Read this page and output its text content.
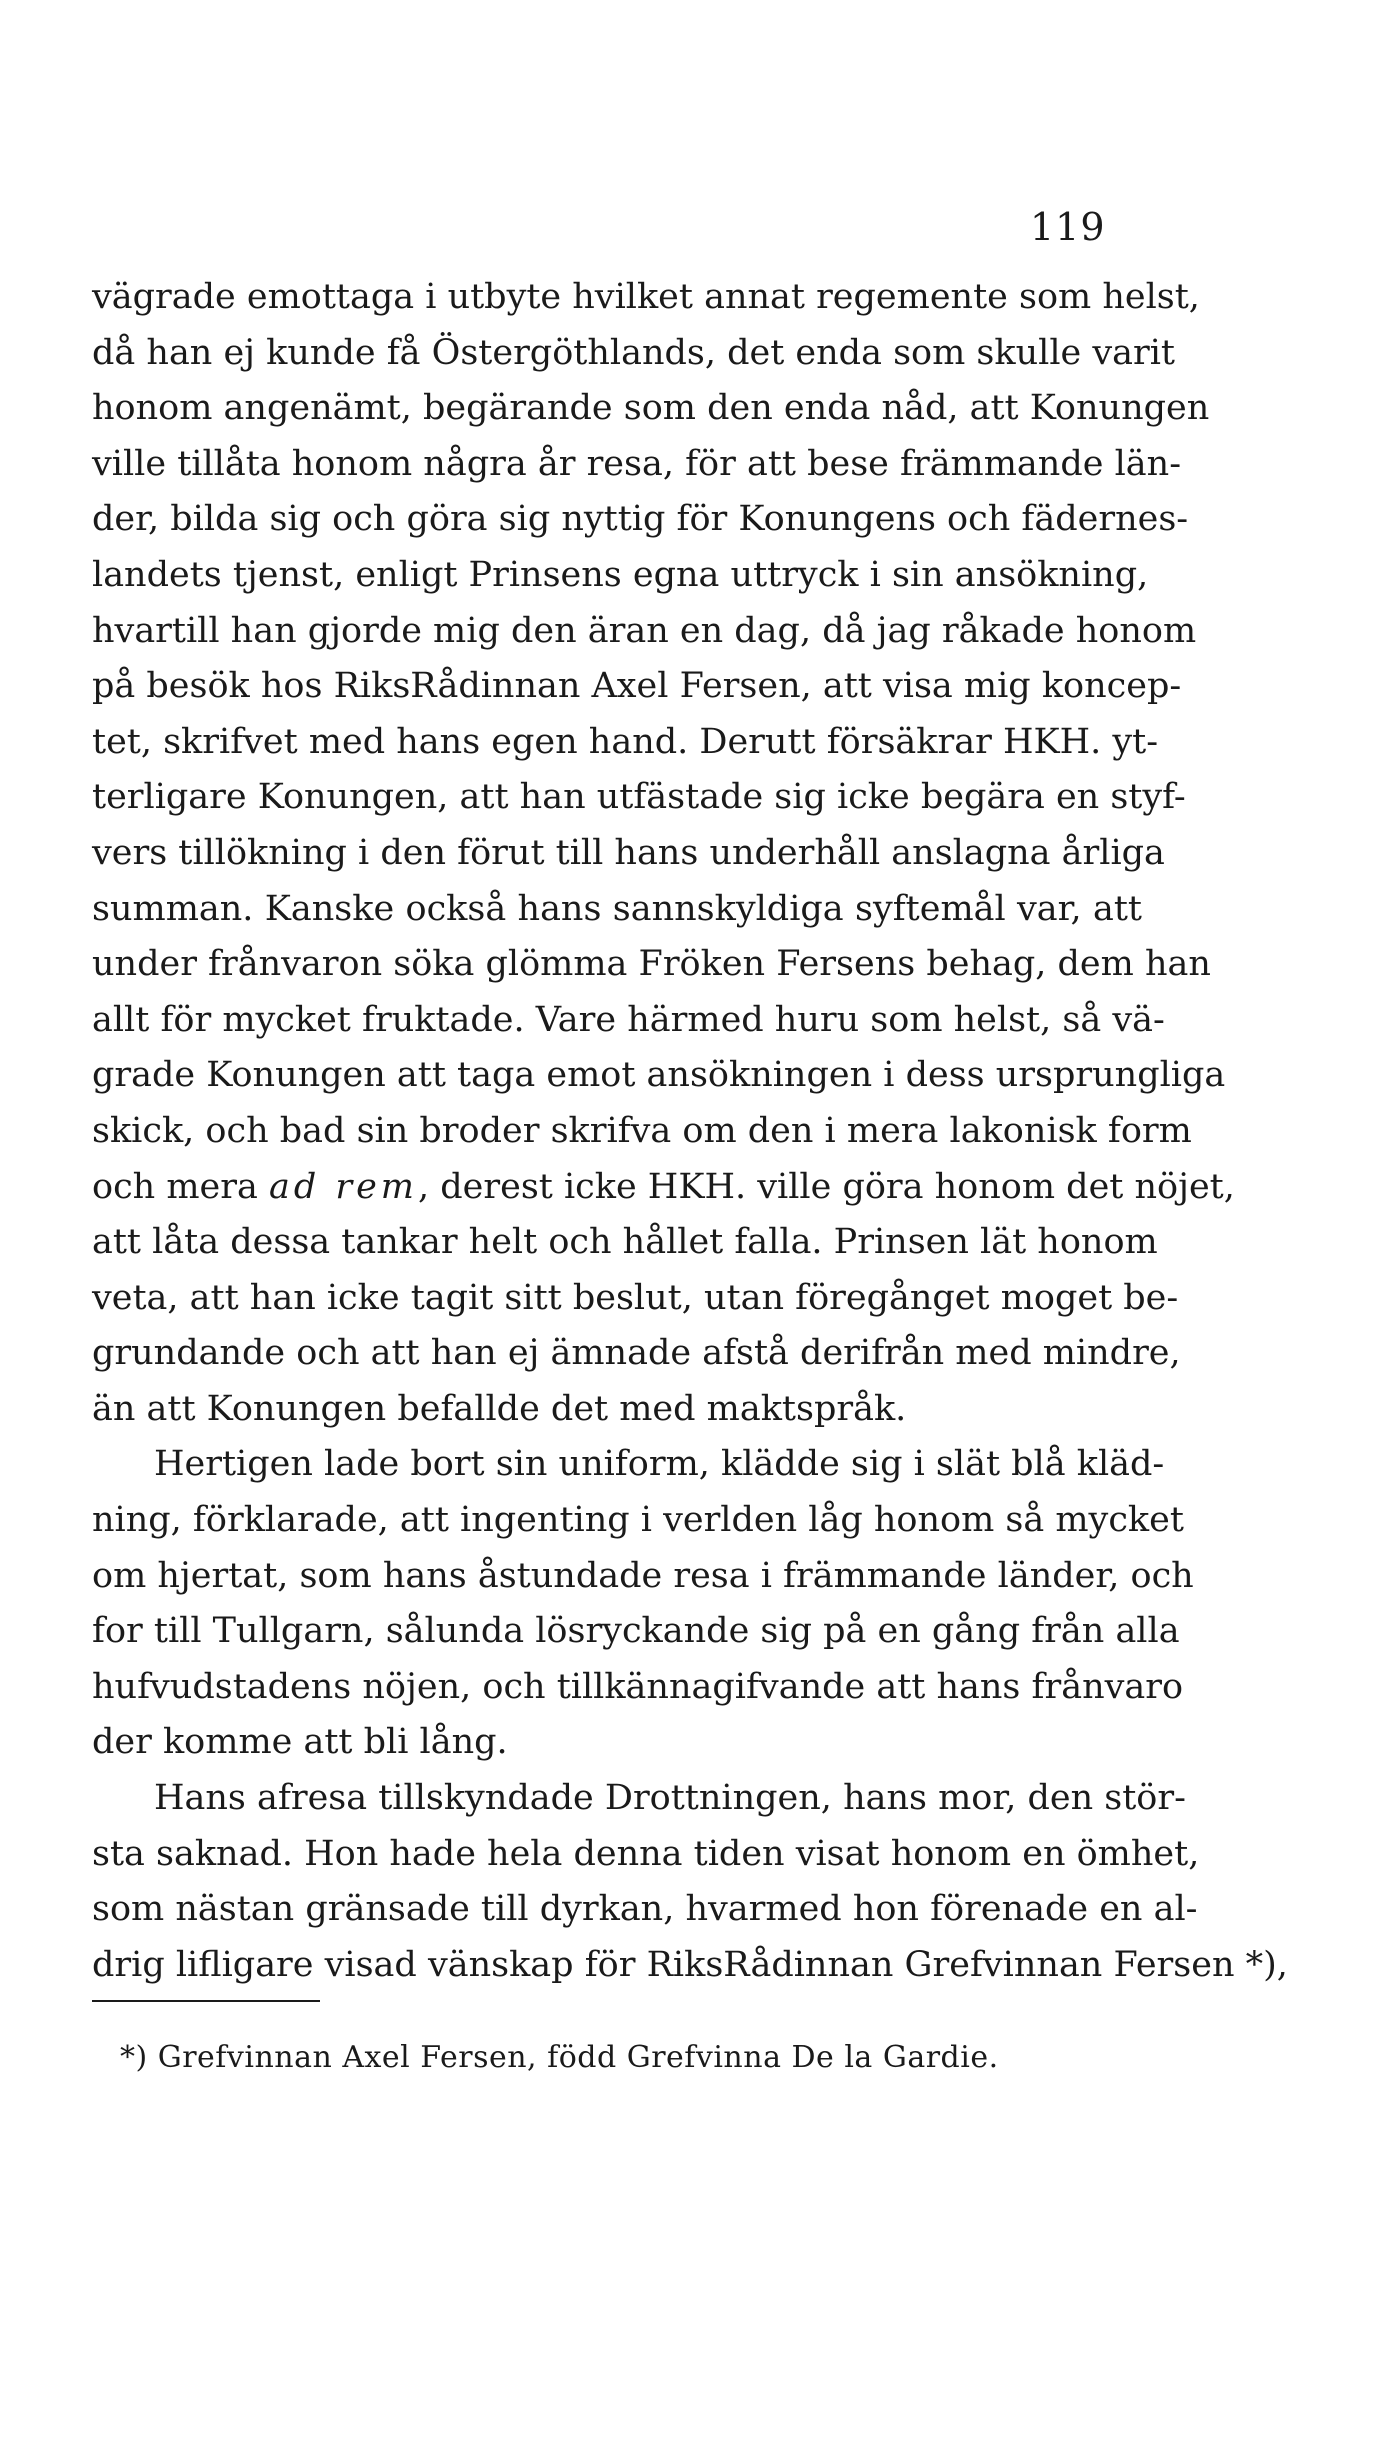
119
vägrade emottaga i utbyte hvilket annat regemente som helst,
då han ej kunde få Östergöthlands, det enda som skulle varit
honom angenämt, begärande som den enda nåd, att Konungen
ville tillåta honom några år resa, för att bese främmande län-
der, bilda sig och göra sig nyttig för Konungens och fädernes-
landets tjenst, enligt Prinsens egna uttryck i sin ansökning,
hvartill han gjorde mig den äran en dag, då jag råkade honom
på besök hos RiksRådinnan Axel Fersen, att visa mig koncep-
tet, skrifvet med hans egen hand. Derutt försäkrar HKH. yt-
terligare Konungen, att han utfästade sig icke begära en styf-
vers tillökning i den förut till hans underhåll anslagna årliga
summan. Kanske också hans sannskyldiga syftemål var, att
under frånvaron söka glömma Fröken Fersens behag, dem han
allt för mycket fruktade. Vare härmed huru som helst, så vä-
grade Konungen att taga emot ansökningen i dess ursprungliga
skick, och bad sin broder skrifva om den i mera lakonisk form
och mera ad rem, derest icke HKH. ville göra honom det nöjet,
att låta dessa tankar helt och hållet falla. Prinsen lät honom
veta, att han icke tagit sitt beslut, utan föregånget moget be-
grundande och att han ej ämnade afstå derifrån med mindre,
än att Konungen befallde det med maktspråk.
Hertigen lade bort sin uniform, klädde sig i slät blå kläd-
ning, förklarade, att ingenting i verlden låg honom så mycket
om hjertat, som hans åstundade resa i främmande länder, och
for till Tullgarn, sålunda lösryckande sig på en gång från alla
hufvudstadens nöjen, och tillkännagifvande att hans frånvaro
der komme att bli lång.
Hans afresa tillskyndade Drottningen, hans mor, den stör-
sta saknad. Hon hade hela denna tiden visat honom en ömhet,
som nästan gränsade till dyrkan, hvarmed hon förenade en al-
drig lifligare visad vänskap för RiksRådinnan Grefvinnan Fersen *),
*) Grefvinnan Axel Fersen, född Grefvinna De la Gardie.
